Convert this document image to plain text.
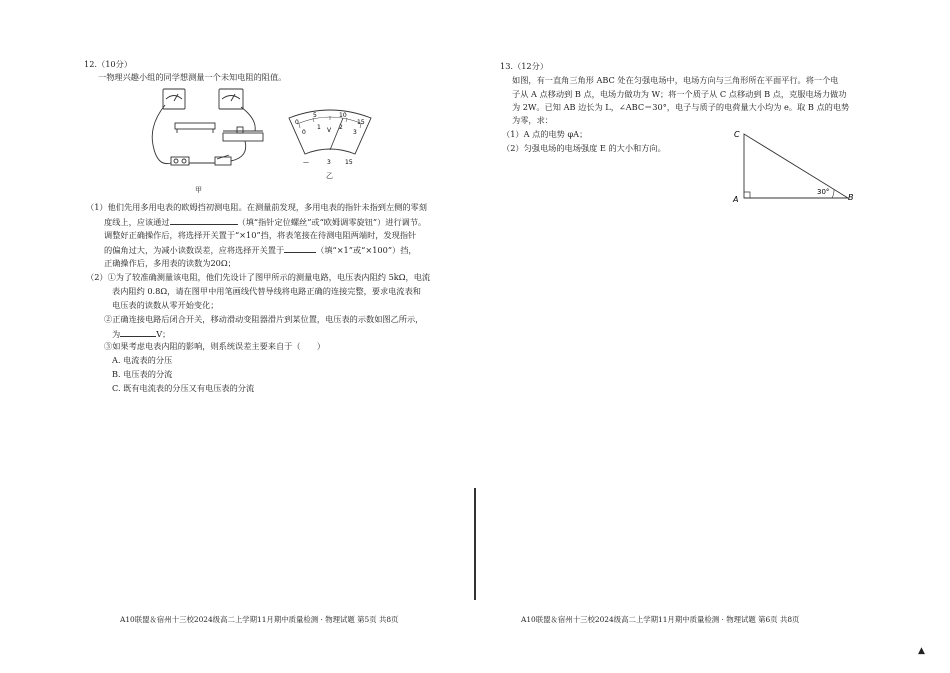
12.（10分）
一物理兴趣小组的同学想测量一个未知电阻的阻值。
甲
0
5	10
15
0
1	2
3
V
—	3 15
乙
（1）他们先用多用电表的欧姆挡初测电阻。在测量前发现，多用电表的指针未指到左侧的零刻
度线上，应该通过	（填“指针定位螺丝”或“欧姆调零旋钮”）进行调节。
调整好正确操作后，将选择开关置于“×10”挡，将表笔接在待测电阻两端时，发现指针
的偏角过大，为减小读数误差，应将选择开关置于	（填“×1”或“×100”）挡，
正确操作后，多用表的读数为20Ω；
（2）①为了较准确测量该电阻，他们先设计了图甲所示的测量电路，电压表内阻约 5kΩ，电流
表内阻约 0.8Ω，请在图甲中用笔画线代替导线将电路正确的连接完整，要求电流表和
电压表的读数从零开始变化；
②正确连接电路后闭合开关，移动滑动变阻器滑片到某位置，电压表的示数如图乙所示，
为	V；
③如果考虑电表内阻的影响，则系统误差主要来自于（　　）
A. 电流表的分压
B. 电压表的分流
C. 既有电流表的分压又有电压表的分流
A10联盟＆宿州十三校2024级高二上学期11月期中质量检测 · 物理试题 第5页 共8页
13.（12分）
如图，有一直角三角形 ABC 处在匀强电场中，电场方向与三角形所在平面平行。将一个电
子从 A 点移动到 B 点，电场力做功为 W；将一个质子从 C 点移动到 B 点，克服电场力做功
为 2W。已知 AB 边长为 L，∠ABC＝30°，电子与质子的电荷量大小均为 e。取 B 点的电势
为零，求：
（1）A 点的电势 φA；
（2）匀强电场的电场强度 E 的大小和方向。
A	B
C
30°
A10联盟＆宿州十三校2024级高二上学期11月期中质量检测 · 物理试题 第6页 共8页
▲
